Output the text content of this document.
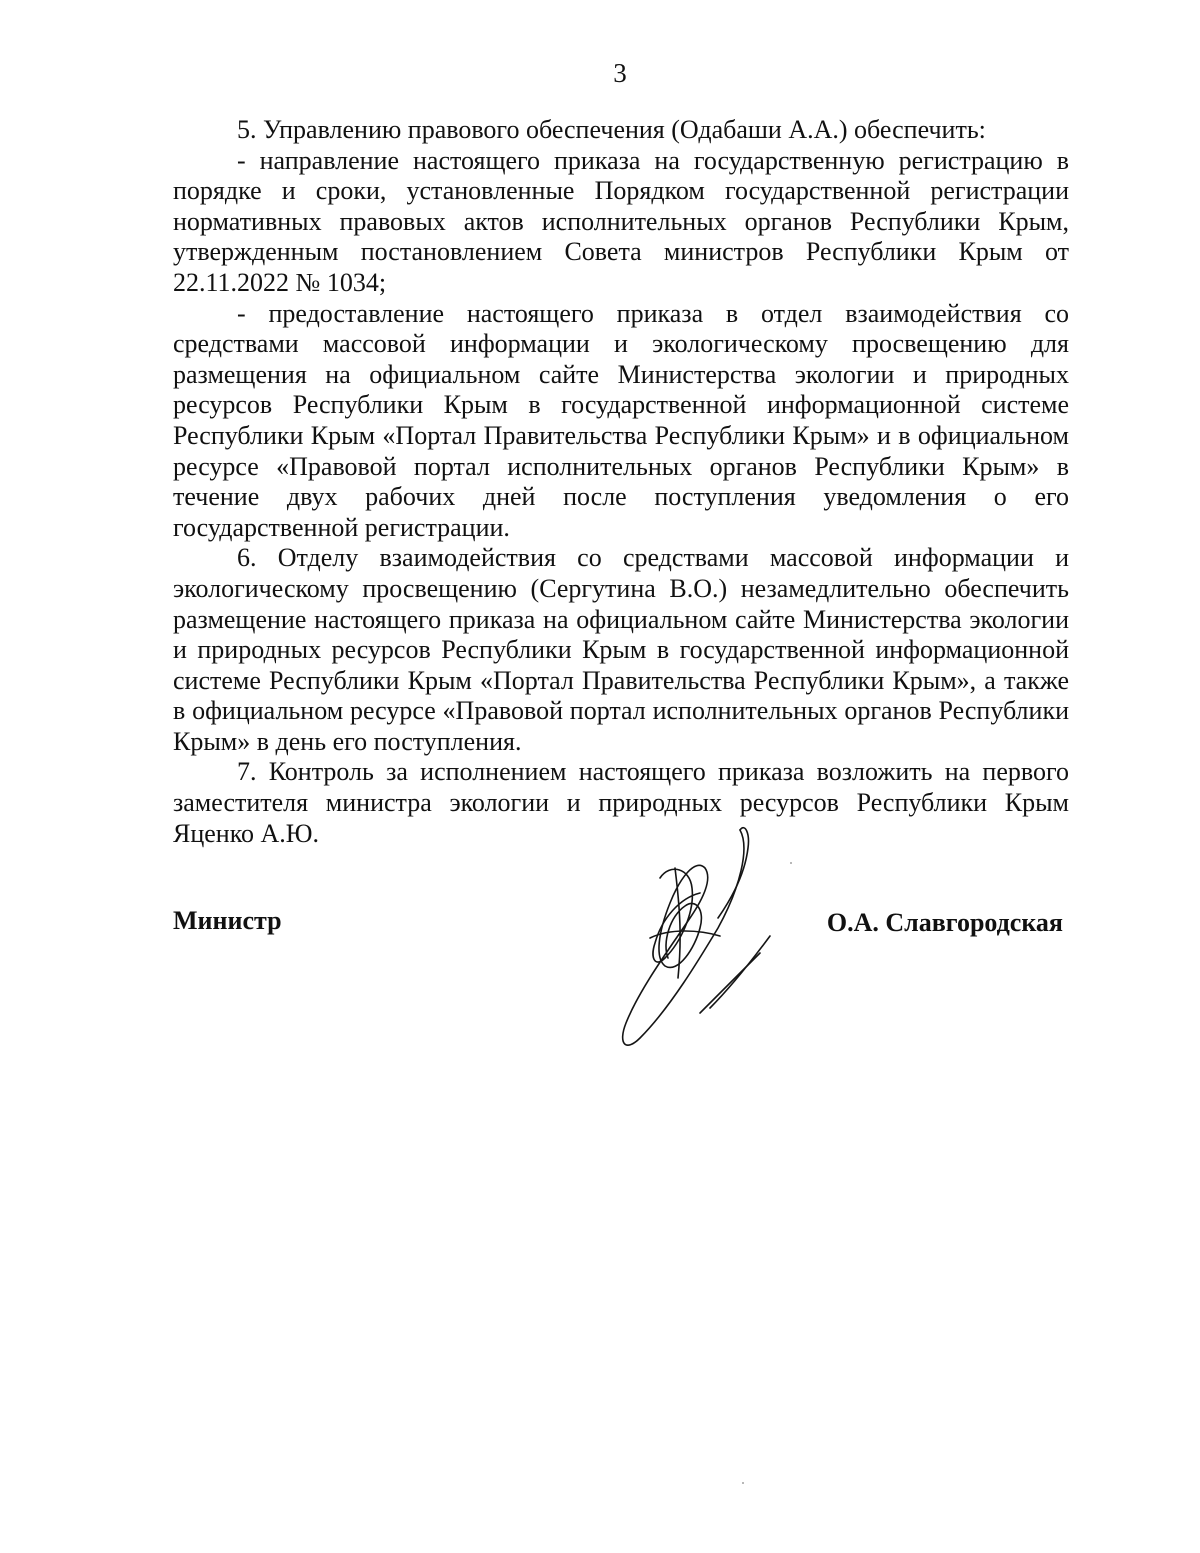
3

5. Управлению правового обеспечения (Одабаши А.А.) обеспечить:

- направление настоящего приказа на государственную регистрацию в порядке и сроки, установленные Порядком государственной регистрации нормативных правовых актов исполнительных органов Республики Крым, утвержденным постановлением Совета министров Республики Крым от 22.11.2022 № 1034;

- предоставление настоящего приказа в отдел взаимодействия со средствами массовой информации и экологическому просвещению для размещения на официальном сайте Министерства экологии и природных ресурсов Республики Крым в государственной информационной системе Республики Крым «Портал Правительства Республики Крым» и в официальном ресурсе «Правовой портал исполнительных органов Республики Крым» в течение двух рабочих дней после поступления уведомления о его государственной регистрации.

6. Отделу взаимодействия со средствами массовой информации и экологическому просвещению (Сергутина В.О.) незамедлительно обеспечить размещение настоящего приказа на официальном сайте Министерства экологии и природных ресурсов Республики Крым в государственной информационной системе Республики Крым «Портал Правительства Республики Крым», а также в официальном ресурсе «Правовой портал исполнительных органов Республики Крым» в день его поступления.

7. Контроль за исполнением настоящего приказа возложить на первого заместителя министра экологии и природных ресурсов Республики Крым Яценко А.Ю.

Министр	О.А. Славгородская
